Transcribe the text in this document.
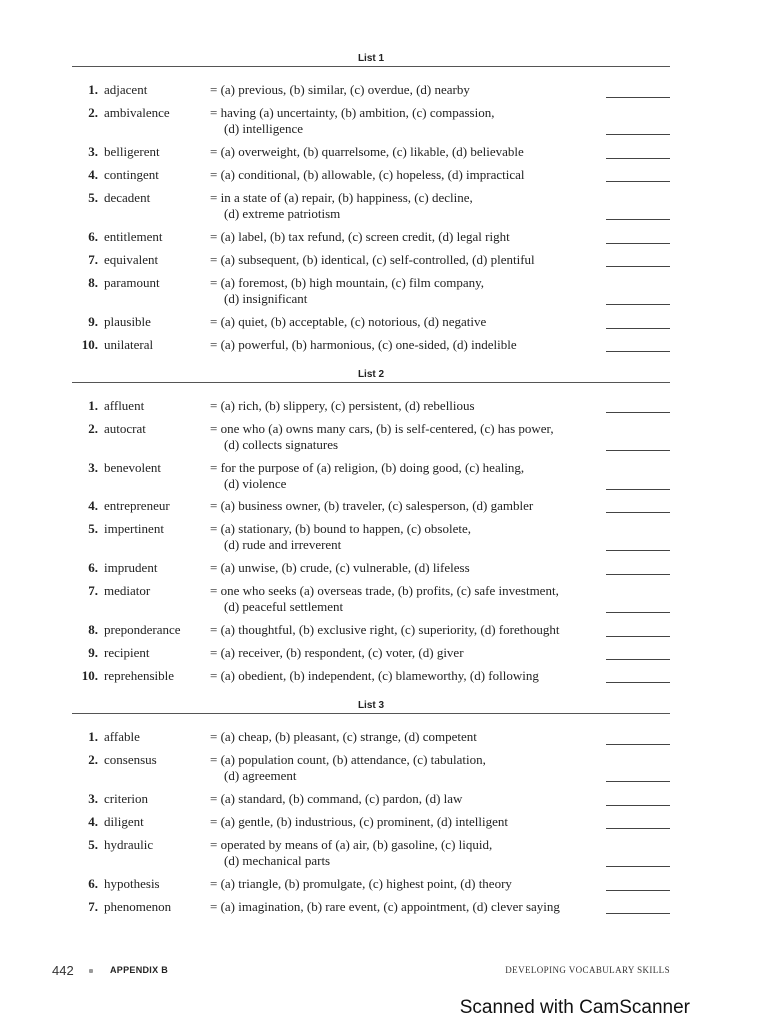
List 1
1. adjacent	= (a) previous, (b) similar, (c) overdue, (d) nearby
2. ambivalence	= having (a) uncertainty, (b) ambition, (c) compassion,
(d) intelligence
3. belligerent	= (a) overweight, (b) quarrelsome, (c) likable, (d) believable
4. contingent	= (a) conditional, (b) allowable, (c) hopeless, (d) impractical
5. decadent	= in a state of (a) repair, (b) happiness, (c) decline,
(d) extreme patriotism
6. entitlement	= (a) label, (b) tax refund, (c) screen credit, (d) legal right
7. equivalent	= (a) subsequent, (b) identical, (c) self-controlled, (d) plentiful
8. paramount	= (a) foremost, (b) high mountain, (c) film company,
(d) insignificant
9. plausible	= (a) quiet, (b) acceptable, (c) notorious, (d) negative
10. unilateral	= (a) powerful, (b) harmonious, (c) one-sided, (d) indelible
List 2
1. affluent	= (a) rich, (b) slippery, (c) persistent, (d) rebellious
2. autocrat	= one who (a) owns many cars, (b) is self-centered, (c) has power,
(d) collects signatures
3. benevolent	= for the purpose of (a) religion, (b) doing good, (c) healing,
(d) violence
4. entrepreneur	= (a) business owner, (b) traveler, (c) salesperson, (d) gambler
5. impertinent	= (a) stationary, (b) bound to happen, (c) obsolete,
(d) rude and irreverent
6. imprudent	= (a) unwise, (b) crude, (c) vulnerable, (d) lifeless
7. mediator	= one who seeks (a) overseas trade, (b) profits, (c) safe investment,
(d) peaceful settlement
8. preponderance	= (a) thoughtful, (b) exclusive right, (c) superiority, (d) forethought
9. recipient	= (a) receiver, (b) respondent, (c) voter, (d) giver
10. reprehensible	= (a) obedient, (b) independent, (c) blameworthy, (d) following
List 3
1. affable	= (a) cheap, (b) pleasant, (c) strange, (d) competent
2. consensus	= (a) population count, (b) attendance, (c) tabulation,
(d) agreement
3. criterion	= (a) standard, (b) command, (c) pardon, (d) law
4. diligent	= (a) gentle, (b) industrious, (c) prominent, (d) intelligent
5. hydraulic	= operated by means of (a) air, (b) gasoline, (c) liquid,
(d) mechanical parts
6. hypothesis	= (a) triangle, (b) promulgate, (c) highest point, (d) theory
7. phenomenon	= (a) imagination, (b) rare event, (c) appointment, (d) clever saying
442	APPENDIX B	DEVELOPING VOCABULARY SKILLS
Scanned with CamScanner
